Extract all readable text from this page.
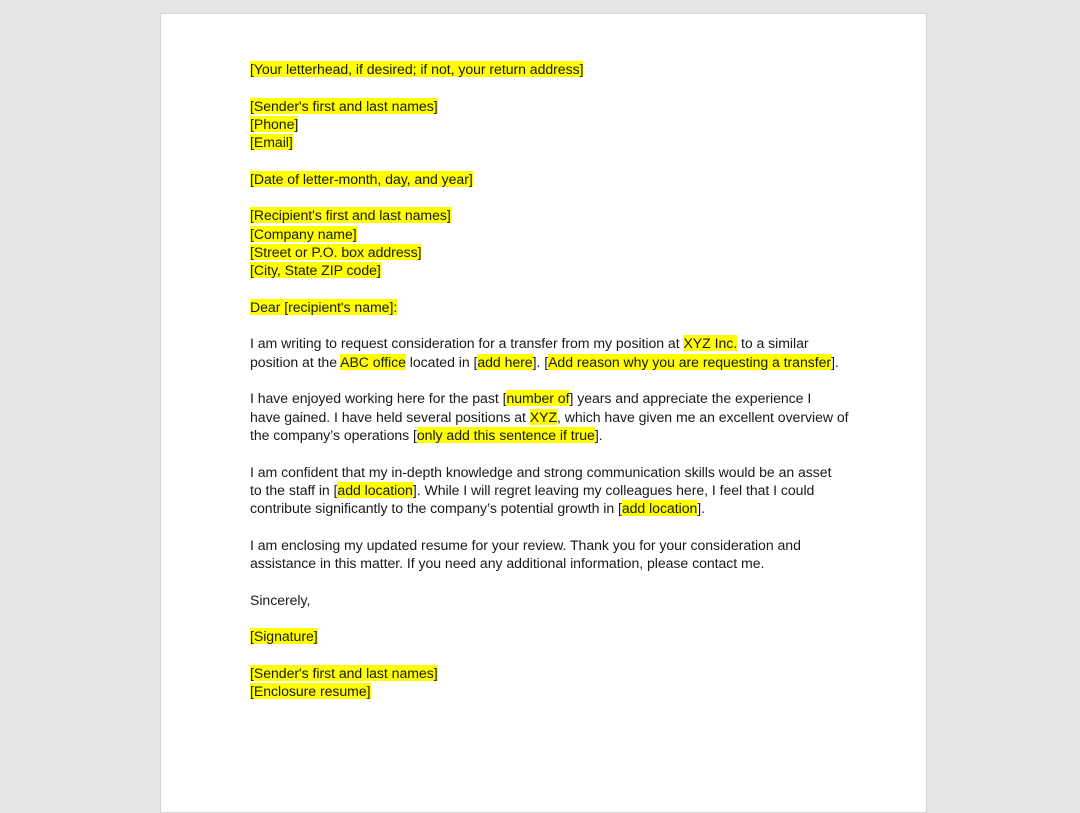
[Your letterhead, if desired; if not, your return address]
[Sender's first and last names]
[Phone]
[Email]
[Date of letter-month, day, and year]
[Recipient's first and last names]
[Company name]
[Street or P.O. box address]
[City, State ZIP code]
Dear [recipient's name]:
I am writing to request consideration for a transfer from my position at XYZ Inc. to a similar
position at the ABC office located in [add here]. [Add reason why you are requesting a transfer].
I have enjoyed working here for the past [number of] years and appreciate the experience I
have gained. I have held several positions at XYZ, which have given me an excellent overview of
the company’s operations [only add this sentence if true].
I am confident that my in-depth knowledge and strong communication skills would be an asset
to the staff in [add location]. While I will regret leaving my colleagues here, I feel that I could
contribute significantly to the company’s potential growth in [add location].
I am enclosing my updated resume for your review. Thank you for your consideration and
assistance in this matter. If you need any additional information, please contact me.
Sincerely,
[Signature]
[Sender's first and last names]
[Enclosure resume]
